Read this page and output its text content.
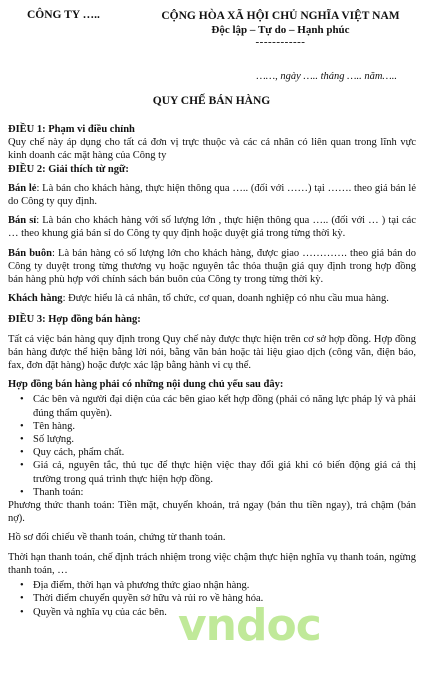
CÔNG TY …..	CỘNG HÒA XÃ HỘI CHỦ NGHĨA VIỆT NAM
Độc lập – Tự do – Hạnh phúc
------------
……, ngày ….. tháng ….. năm…..
QUY CHẾ BÁN HÀNG

ĐIỀU 1: Phạm vi điều chỉnh

Quy chế này áp dụng cho tất cả đơn vị trực thuộc và các cá nhân có liên quan trong lĩnh vực kinh doanh các mặt hàng của Công ty

ĐIỀU 2: Giải thích từ ngữ:

Bán lẻ: Là bán cho khách hàng, thực hiện thông qua ….. (đối với ……) tại ……. theo giá bán lẻ do Công ty quy định.

Bán sỉ: Là bán cho khách hàng với số lượng lớn , thực hiện thông qua ….. (đối với … ) tại các … theo khung giá bán sỉ do Công ty quy định hoặc duyệt giá trong từng thời kỳ.

Bán buôn: Là bán hàng có số lượng lớn cho khách hàng, được giao …………. theo giá bán do Công ty duyệt trong từng thương vụ hoặc nguyên tắc thỏa thuận giá quy định trong hợp đồng bán hàng phù hợp với chính sách bán buôn của Công ty trong từng thời kỳ.

Khách hàng: Được hiểu là cá nhân, tổ chức, cơ quan, doanh nghiệp có nhu cầu mua hàng.

ĐIỀU 3: Hợp đồng bán hàng:

Tất cả việc bán hàng quy định trong Quy chế này được thực hiện trên cơ sở hợp đồng. Hợp đồng bán hàng được thể hiện bằng lời nói, bằng văn bản hoặc tài liệu giao dịch (công văn, điện báo, fax, đơn đặt hàng) hoặc được xác lập bằng hành vi cụ thể.

Hợp đồng bán hàng phải có những nội dung chủ yếu sau đây:

• Các bên và người đại diện của các bên giao kết hợp đồng (phải có năng lực pháp lý và phải đúng thẩm quyền).
• Tên hàng.
• Số lượng.
• Quy cách, phẩm chất.
• Giá cả, nguyên tắc, thủ tục để thực hiện việc thay đổi giá khi có biến động giá cả thị trường trong quá trình thực hiện hợp đồng.
• Thanh toán:

Phương thức thanh toán: Tiền mặt, chuyển khoản, trả ngay (bán thu tiền ngay), trả chậm (bán nợ).

Hồ sơ đối chiếu về thanh toán, chứng từ thanh toán.

Thời hạn thanh toán, chế định trách nhiệm trong việc chậm thực hiện nghĩa vụ thanh toán, ngừng thanh toán, …

• Địa điểm, thời hạn và phương thức giao nhận hàng.
• Thời điểm chuyển quyền sở hữu và rủi ro về hàng hóa.
• Quyền và nghĩa vụ của các bên. vndoc
